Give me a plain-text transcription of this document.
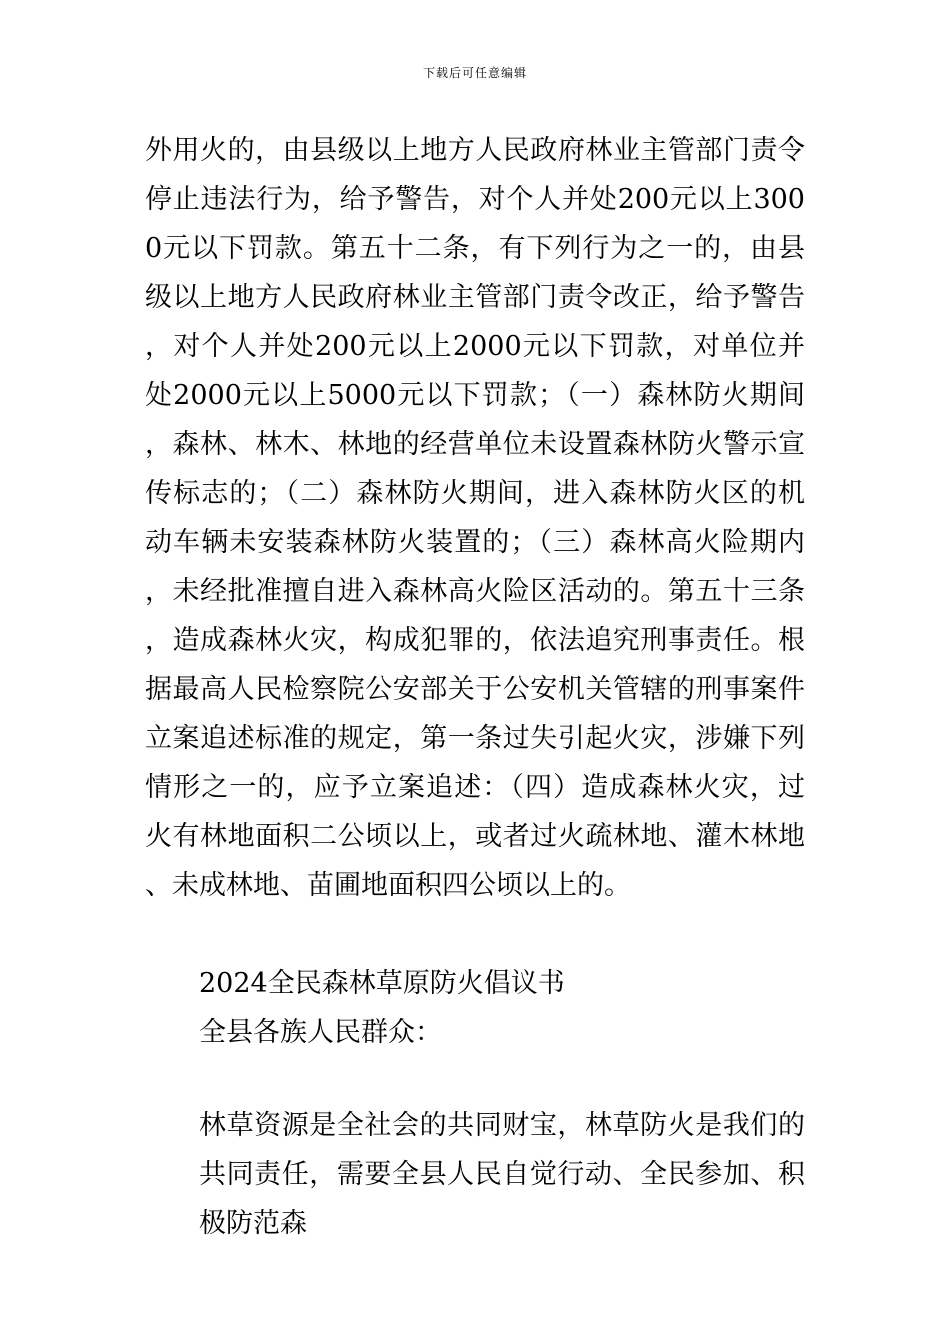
下载后可任意编辑

外用火的，由县级以上地方人民政府林业主管部门责令停止违法行为，给予警告，对个人并处200元以上3000元以下罚款。第五十二条，有下列行为之一的，由县级以上地方人民政府林业主管部门责令改正，给予警告，对个人并处200元以上2000元以下罚款，对单位并处2000元以上5000元以下罚款；（一）森林防火期间，森林、林木、林地的经营单位未设置森林防火警示宣传标志的；（二）森林防火期间，进入森林防火区的机动车辆未安装森林防火装置的；（三）森林高火险期内，未经批准擅自进入森林高火险区活动的。第五十三条，造成森林火灾，构成犯罪的，依法追究刑事责任。根据最高人民检察院公安部关于公安机关管辖的刑事案件立案追述标准的规定，第一条过失引起火灾，涉嫌下列情形之一的，应予立案追述：（四）造成森林火灾，过火有林地面积二公顷以上，或者过火疏林地、灌木林地、未成林地、苗圃地面积四公顷以上的。

2024全民森林草原防火倡议书

全县各族人民群众：

林草资源是全社会的共同财宝，林草防火是我们的共同责任，需要全县人民自觉行动、全民参加、积极防范森
